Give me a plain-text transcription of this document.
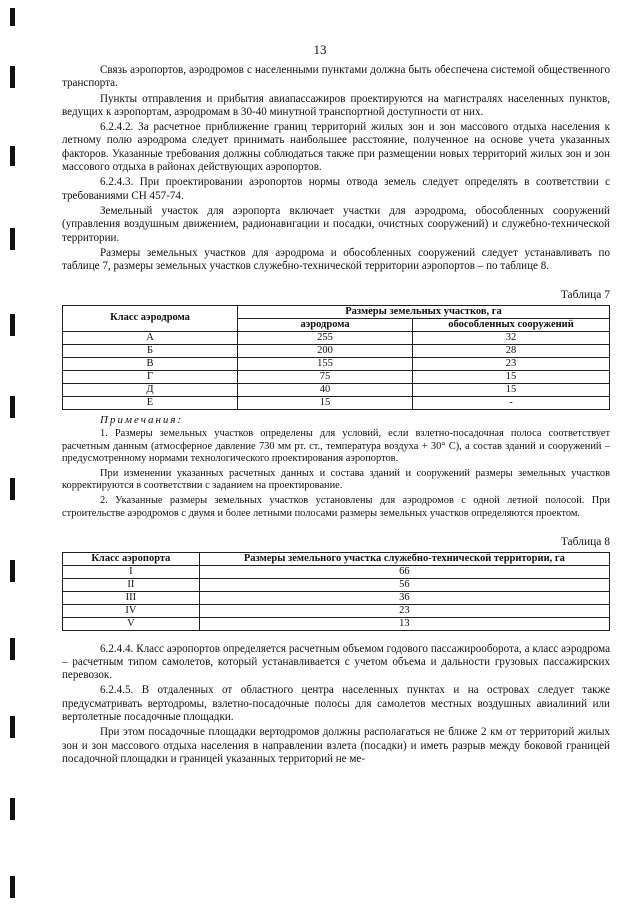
13

Связь аэропортов, аэродромов с населенными пунктами должна быть обеспечена системой общественного транспорта.

Пункты отправления и прибытия авиапассажиров проектируются на магистралях населенных пунктов, ведущих к аэропортам, аэродромам в 30-40 минутной транспортной доступности от них.

6.2.4.2. За расчетное приближение границ территорий жилых зон и зон массового отдыха населения к летному полю аэродрома следует принимать наибольшее расстояние, полученное на основе учета указанных факторов. Указанные требования должны соблюдаться также при размещении новых территорий жилых зон и зон массового отдыха в районах действующих аэропортов.

6.2.4.3. При проектировании аэропортов нормы отвода земель следует определять в соответствии с требованиями СН 457-74.

Земельный участок для аэропорта включает участки для аэродрома, обособленных сооружений (управления воздушным движением, радионавигации и посадки, очистных сооружений) и служебно-технической территории.

Размеры земельных участков для аэродрома и обособленных сооружений следует устанавливать по таблице 7, размеры земельных участков служебно-технической территории аэропортов – по таблице 8.

Таблица 7
Класс аэродрома	Размеры земельных участков, га	
	аэродрома	обособленных сооружений
А	255	32
Б	200	28
В	155	23
Г	75	15
Д	40	15
Е	15	-
Примечания:

1. Размеры земельных участков определены для условий, если взлетно-посадочная полоса соответствует расчетным данным (атмосферное давление 730 мм рт. ст., температура воздуха + 30° С), а состав зданий и сооружений – предусмотренному нормами технологического проектирования аэропортов.

При изменении указанных расчетных данных и состава зданий и сооружений размеры земельных участков корректируются в соответствии с заданием на проектирование.

2. Указанные размеры земельных участков установлены для аэродромов с одной летной полосой. При строительстве аэродромов с двумя и более летными полосами размеры земельных участков определяются проектом.

Таблица 8
Класс аэропорта	Размеры земельного участка служебно-технической территории, га
I	66
II	56
III	36
IV	23
V	13

6.2.4.4. Класс аэропортов определяется расчетным объемом годового пассажирооборота, а класс аэродрома – расчетным типом самолетов, который устанавливается с учетом объема и дальности грузовых пассажирских перевозок.

6.2.4.5. В отдаленных от областного центра населенных пунктах и на островах следует также предусматривать вертодромы, взлетно-посадочные полосы для самолетов местных воздушных авиалиний или вертолетные посадочные площадки.

При этом посадочные площадки вертодромов должны располагаться не ближе 2 км от территорий жилых зон и зон массового отдыха населения в направлении взлета (посадки) и иметь разрыв между боковой границей посадочной площадки и границей указанных территорий не ме-
